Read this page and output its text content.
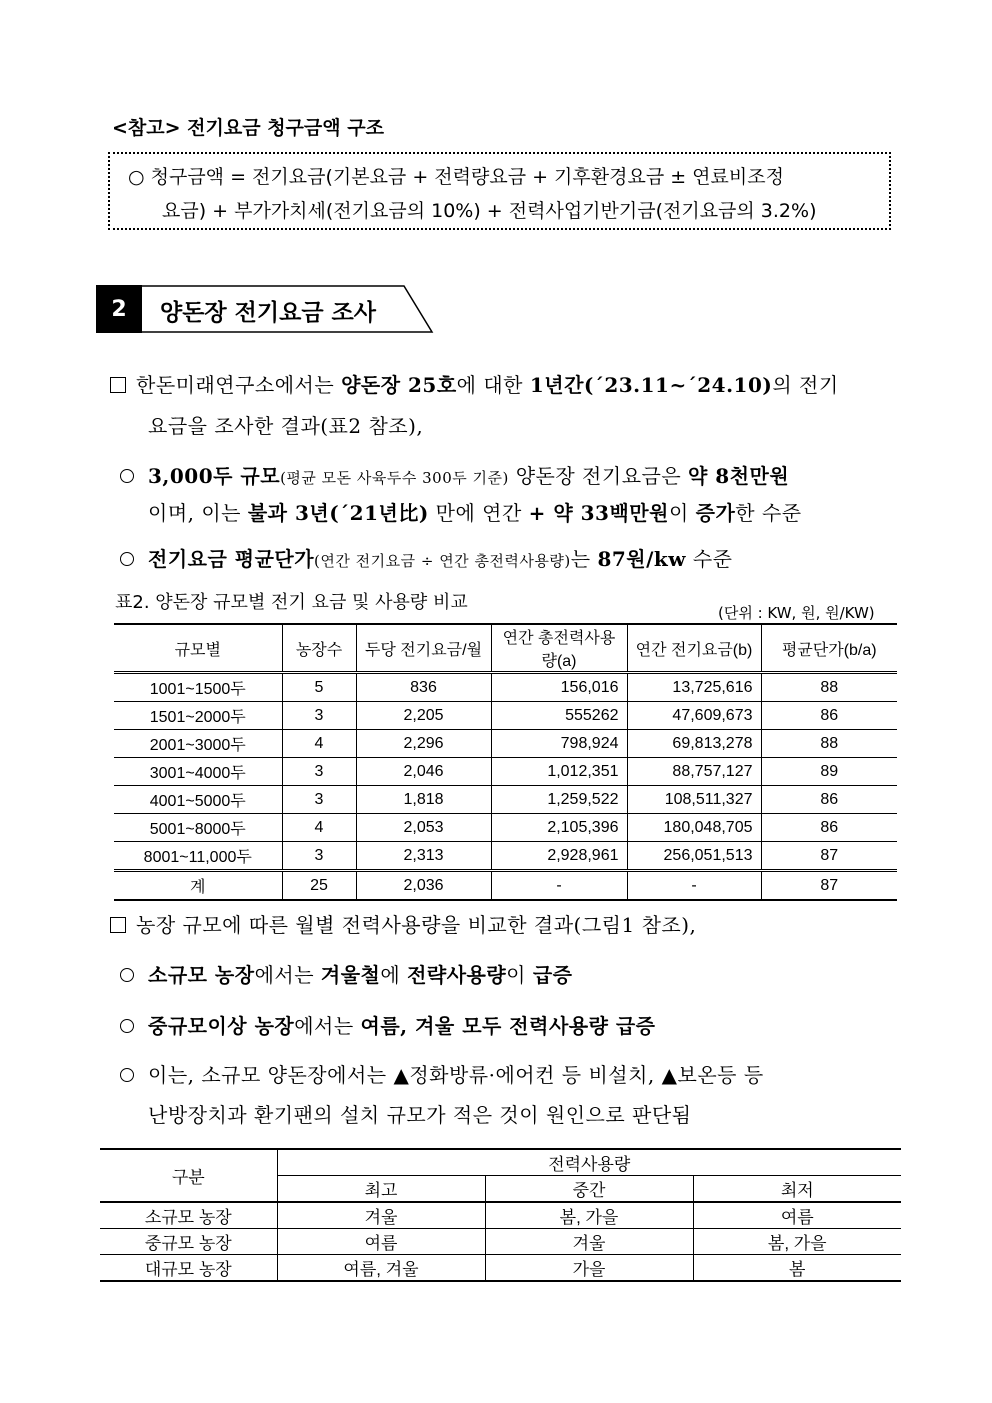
<참고> 전기요금 청구금액 구조
○ 청구금액 = 전기요금(기본요금 + 전력량요금 + 기후환경요금 ± 연료비조정
요금) + 부가가치세(전기요금의 10%) + 전력사업기반기금(전기요금의 3.2%)
2	양돈장 전기요금 조사
한돈미래연구소에서는 양돈장 25호에 대한 1년간(´23.11~´24.10)의 전기
요금을 조사한 결과(표2 참조),
3,000두 규모(평균 모돈 사육두수 300두 기준) 양돈장 전기요금은 약 8천만원
이며, 이는 불과 3년(´21년比) 만에 연간 + 약 33백만원이 증가한 수준
전기요금 평균단가(연간 전기요금 ÷ 연간 총전력사용량)는 87원/kw 수준
표2. 양돈장 규모별 전기 요금 및 사용량 비교	(단위 : KW, 원, 원/KW)
규모별	농장수	두당 전기요금/월	연간 총전력사용량(a)	연간 전기요금(b)	평균단가(b/a)
1001~1500두	5	836	156,016	13,725,616	88
1501~2000두	3	2,205	555262	47,609,673	86
2001~3000두	4	2,296	798,924	69,813,278	88
3001~4000두	3	2,046	1,012,351	88,757,127	89
4001~5000두	3	1,818	1,259,522	108,511,327	86
5001~8000두	4	2,053	2,105,396	180,048,705	86
8001~11,000두	3	2,313	2,928,961	256,051,513	87
계	25	2,036	-	-	87
농장 규모에 따른 월별 전력사용량을 비교한 결과(그림1 참조),
소규모 농장에서는 겨울철에 전략사용량이 급증
중규모이상 농장에서는 여름, 겨울 모두 전력사용량 급증
이는, 소규모 양돈장에서는 ▲정화방류·에어컨 등 비설치, ▲보온등 등
난방장치과 환기팬의 설치 규모가 적은 것이 원인으로 판단됨
구분	전력사용량		
	최고	중간	최저
소규모 농장	겨울	봄, 가을	여름
중규모 농장	여름	겨울	봄, 가을
대규모 농장	여름, 겨울	가을	봄
